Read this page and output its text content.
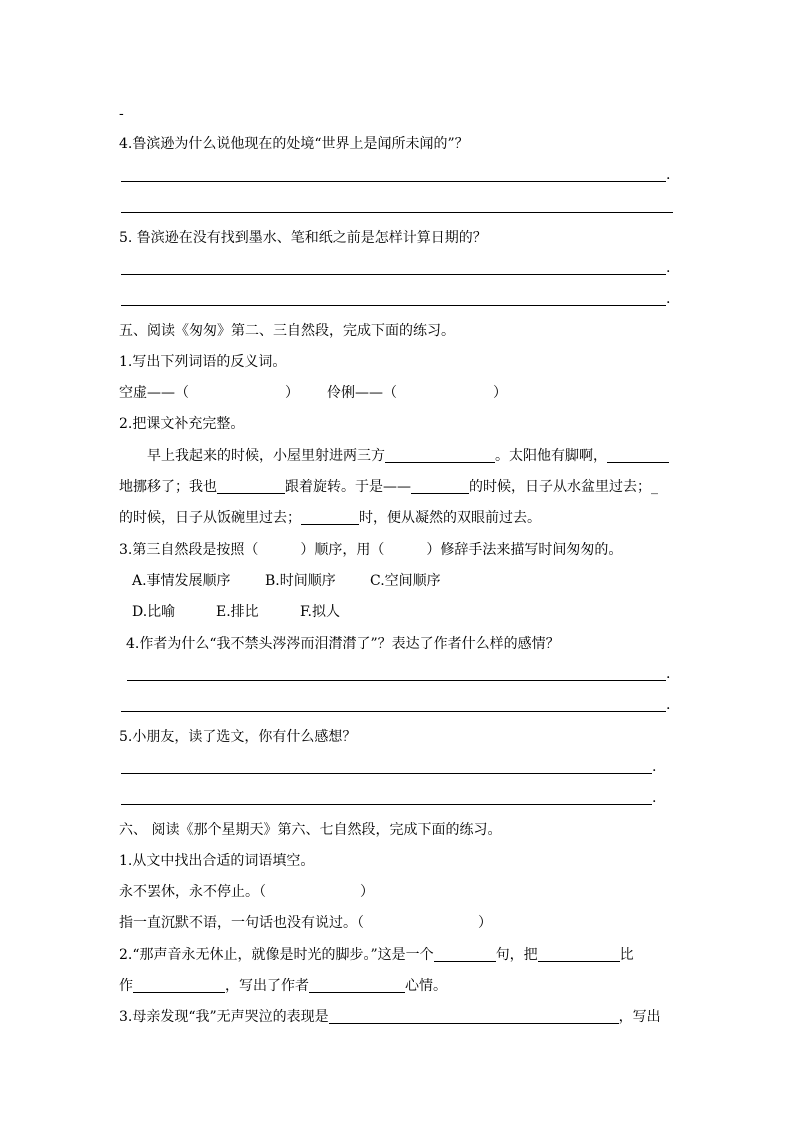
-
4.鲁滨逊为什么说他现在的处境“世界上是闻所未闻的”？
.
5. 鲁滨逊在没有找到墨水、笔和纸之前是怎样计算日期的？
.
.
五、阅读《匆匆》第二、三自然段，完成下面的练习。
1.写出下列词语的反义词。
空虚——（	） 伶俐——（	）
2.把课文补充完整。
早上我起来的时候，小屋里射进两三方	。太阳他有脚啊，
地挪移了；我也	跟着旋转。于是——	的时候，日子从水盆里过去；_
的时候，日子从饭碗里过去；	时，便从凝然的双眼前过去。
3.第三自然段是按照（　　　）顺序，用（　　　）修辞手法来描写时间匆匆的。
A.事情发展顺序 B.时间顺序 C.空间顺序
D.比喻	E.排比	F.拟人
4.作者为什么“我不禁头涔涔而泪潸潸了”？表达了作者什么样的感情？
.
.
5.小朋友，读了选文，你有什么感想？
.
.
六、 阅读《那个星期天》第六、七自然段，完成下面的练习。
1.从文中找出合适的词语填空。
永不罢休，永不停止。（	）
指一直沉默不语，一句话也没有说过。（	）
2.“那声音永无休止，就像是时光的脚步。”这是一个	句，把	比
作	，写出了作者	心情。
3.母亲发现“我”无声哭泣的表现是	，写出
